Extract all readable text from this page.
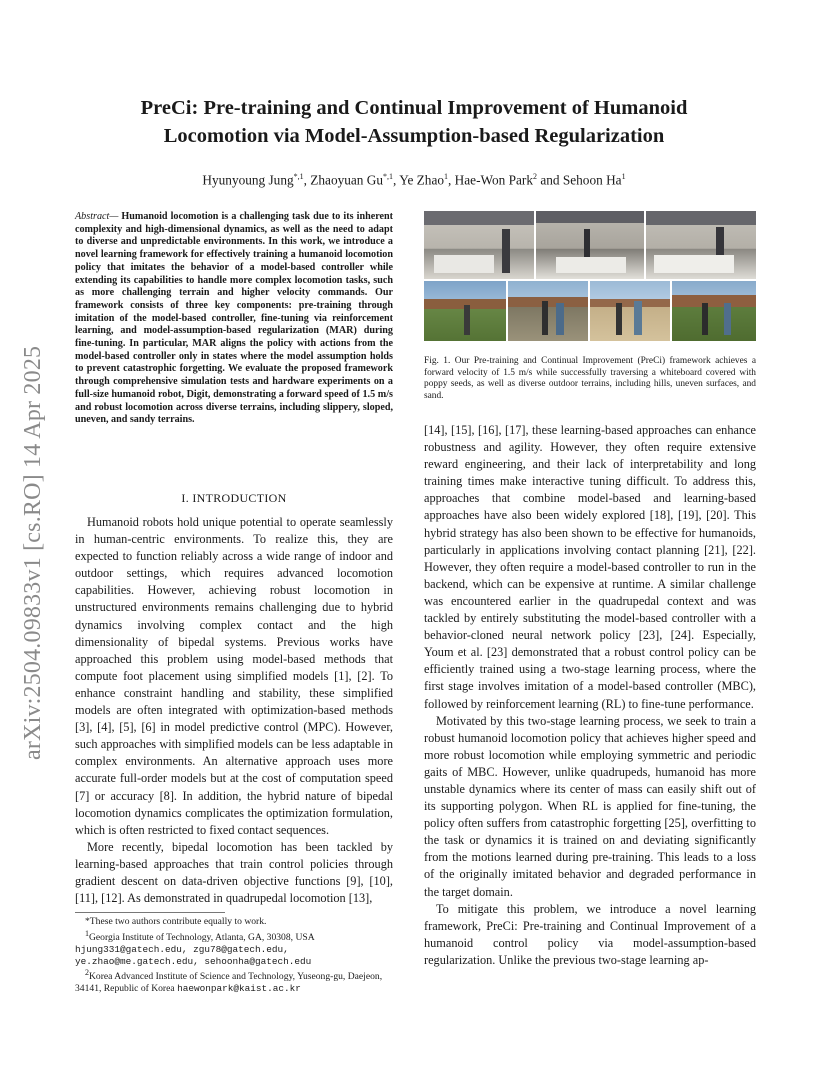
PreCi: Pre-training and Continual Improvement of Humanoid Locomotion via Model-Assumption-based Regularization
Hyunyoung Jung$^{*,1}$, Zhaoyuan $Gu^{*,1}$, Ye Zhao$^1$, Hae-Won Park$^2$ and Sehoon Ha$^1$
arXiv:2504.09833v1 [cs.RO] 14 Apr 2025
Abstract— Humanoid locomotion is a challenging task due to its inherent complexity and high-dimensional dynamics, as well as the need to adapt to diverse and unpredictable environments. In this work, we introduce a novel learning framework for effectively training a humanoid locomotion policy that imitates the behavior of a model-based controller while extending its capabilities to handle more complex locomotion tasks, such as more challenging terrain and higher velocity commands. Our framework consists of three key components: pre-training through imitation of the model-based controller, fine-tuning via reinforcement learning, and model-assumption-based regularization (MAR) during fine-tuning. In particular, MAR aligns the policy with actions from the model-based controller only in states where the model assumption holds to prevent catastrophic forgetting. We evaluate the proposed framework through comprehensive simulation tests and hardware experiments on a full-size humanoid robot, Digit, demonstrating a forward speed of 1.5 m/s and robust locomotion across diverse terrains, including slippery, sloped, uneven, and sandy terrains.
I. INTRODUCTION

Humanoid robots hold unique potential to operate seamlessly in human-centric environments. To realize this, they are expected to function reliably across a wide range of indoor and outdoor settings, which requires advanced locomotion capabilities. However, achieving robust locomotion in unstructured environments remains challenging due to hybrid dynamics involving complex contact and the high dimensionality of bipedal systems. Previous works have approached this problem using model-based methods that compute foot placement using simplified models [1], [2]. To enhance constraint handling and stability, these simplified models are often integrated with optimization-based methods [3], [4], [5], [6] in model predictive control (MPC). However, such approaches with simplified models can be less adaptable in complex environments. An alternative approach uses more accurate full-order models but at the cost of computation speed [7] or accuracy [8]. In addition, the hybrid nature of bipedal locomotion dynamics complicates the optimization formulation, which is often restricted to fixed contact sequences.

More recently, bipedal locomotion has been tackled by learning-based approaches that train control policies through gradient descent on data-driven objective functions [9], [10], [11], [12]. As demonstrated in quadrupedal locomotion [13],

*These two authors contribute equally to work.

$^1$Georgia Institute of Technology, Atlanta, GA, 30308, USA hjung331@gatech.edu, zgu78@gatech.edu, ye.zhao@me.gatech.edu, sehoonha@gatech.edu

$^2$Korea Advanced Institute of Science and Technology, Yuseong-gu, Daejeon, 34141, Republic of Korea haewonpark@kaist.ac.kr

Fig. 1. Our Pre-training and Continual Improvement (PreCi) framework achieves a forward velocity of 1.5 m/s while successfully traversing a whiteboard covered with poppy seeds, as well as diverse outdoor terrains, including hills, uneven surfaces, and sand.

[14], [15], [16], [17], these learning-based approaches can enhance robustness and agility. However, they often require extensive reward engineering, and their lack of interpretability and long training times make interactive tuning difficult. To address this, approaches that combine model-based and learning-based approaches have also been widely explored [18], [19], [20]. This hybrid strategy has also been shown to be effective for humanoids, particularly in applications involving contact planning [21], [22]. However, they often require a model-based controller to run in the backend, which can be expensive at runtime. A similar challenge was encountered earlier in the quadrupedal context and was tackled by entirely substituting the model-based controller with a behavior-cloned neural network policy [23], [24]. Especially, Youm et al. [23] demonstrated that a robust control policy can be efficiently trained using a two-stage learning process, where the first stage involves imitation of a model-based controller (MBC), followed by reinforcement learning (RL) to fine-tune performance.

Motivated by this two-stage learning process, we seek to train a robust humanoid locomotion policy that achieves higher speed and more robust locomotion while employing symmetric and periodic gaits of MBC. However, unlike quadrupeds, humanoid has more unstable dynamics where its center of mass can easily shift out of its supporting polygon. When RL is applied for fine-tuning, the policy often suffers from catastrophic forgetting [25], overfitting to the task or dynamics it is trained on and deviating significantly from the motions learned during pre-training. This leads to a loss of the originally imitated behavior and degraded performance in the target domain.

To mitigate this problem, we introduce a novel learning framework, PreCi: Pre-training and Continual Improvement of a humanoid control policy via model-assumption-based regularization. Unlike the previous two-stage learning ap-
